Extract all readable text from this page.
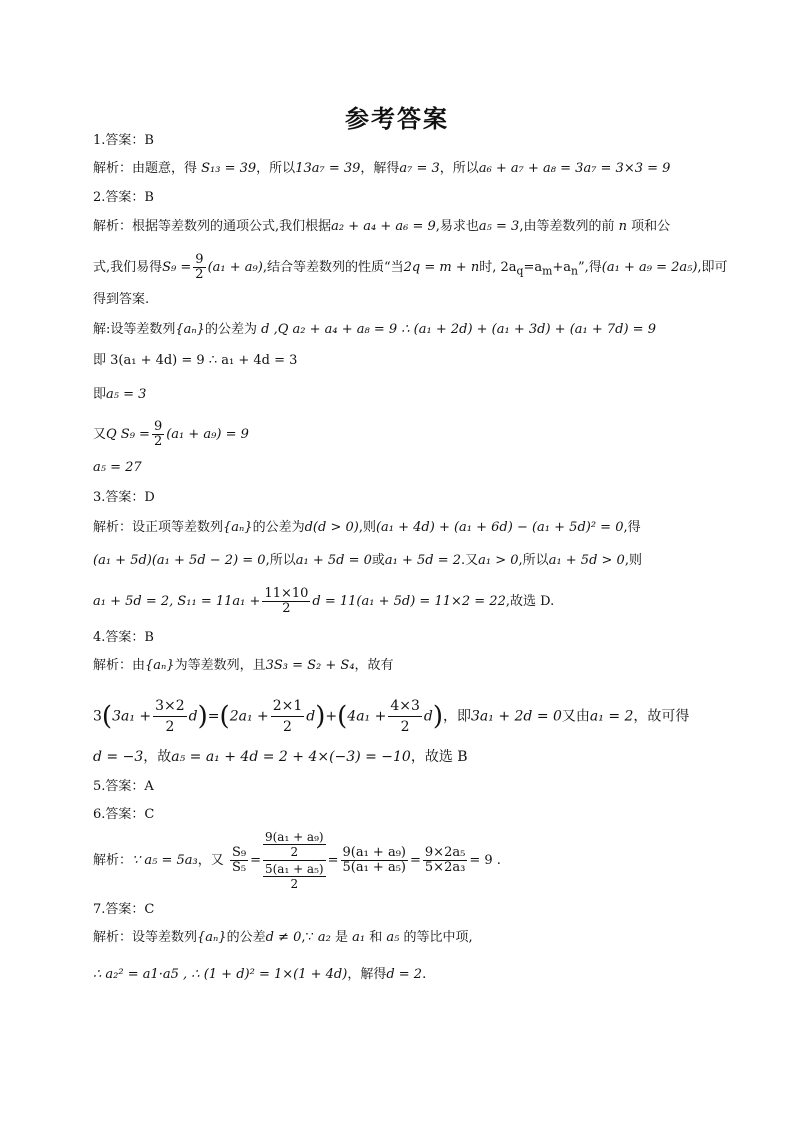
参考答案
1.答案：B
解析：由题意，得 S₁₃ = 39，所以13a₇ = 39，解得a₇ = 3，所以a₆ + a₇ + a₈ = 3a₇ = 3×3 = 9
2.答案：B
解析：根据等差数列的通项公式,我们根据a₂ + a₄ + a₆ = 9,易求也a₅ = 3,由等差数列的前 n 项和公
式,我们易得$S_9 = \frac{9}{2} (a_1 + a_9)$,结合等差数列的性质“当2q = m + n时, $2a_q=a_m+a_n$”,得(a₁ + a₉ = 2a₅),即可
得到答案.
解:设等差数列{aₙ}的公差为 d ,Q a₂ + a₄ + a₈ = 9 ∴ (a₁ + 2d) + (a₁ + 3d) + (a₁ + 7d) = 9
即 3(a₁ + 4d) = 9 ∴ a₁ + 4d = 3
即a₅ = 3
又Q $S_9 = \frac{9}{2} (a_1 + a_9) = 9$
a₅ = 27
3.答案：D
解析：设正项等差数列{aₙ}的公差为d(d > 0),则(a₁ + 4d) + (a₁ + 6d) − (a₁ + 5d)² = 0,得
(a₁ + 5d)(a₁ + 5d − 2) = 0,所以a₁ + 5d = 0或a₁ + 5d = 2.又a₁ > 0,所以a₁ + 5d > 0,则
a₁ + 5d = 2, $S_{11} = 11a_1 + \frac{11\times 10}{2}$ d = 11(a₁ + 5d) = 11×2 = 22,故选 D.
4.答案：B
解析：由{aₙ}为等差数列，且3S₃ = S₂ + S₄，故有
$3(3a_1 + \frac{3\times 2}{2} d)=(2a_1 + \frac{2\times 1}{2} d)+(4a_1 + \frac{4\times 3}{2} d)$，即3a₁ + 2d = 0又由a₁ = 2，故可得
d = −3，故a₅ = a₁ + 4d = 2 + 4×(−3) = −10，故选 B
5.答案：A
6.答案：C
解析：∵ a₅ = 5a₃，又 $\frac{\text{S₉}}{\text{S₅}} = \frac{\frac{\text{9(a₁ + a₉)}}{2}}{\frac{\text{5(a₁ + a₅)}}{2}} = \frac{\text{9(a₁ + a₉)}}{\text{5(a₁ + a₅)}} = \frac{\text{9×2a₅}}{\text{5×2a₃}} = 9$ .
7.答案：C
解析：设等差数列{aₙ}的公差d ≠ 0,∵ a₂ 是 a₁ 和 a₅ 的等比中项,
∴ a₂² = a1·a5 , ∴ (1 + d)² = 1×(1 + 4d)，解得d = 2.
